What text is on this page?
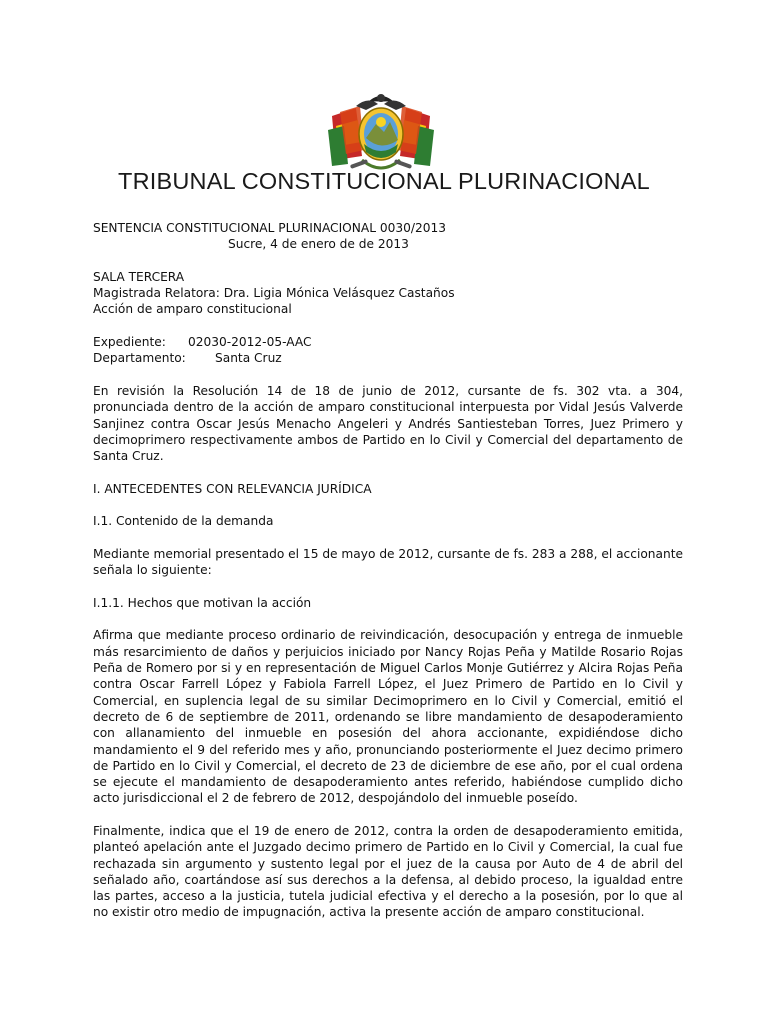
TRIBUNAL CONSTITUCIONAL PLURINACIONAL

SENTENCIA CONSTITUCIONAL PLURINACIONAL 0030/2013

Sucre, 4 de enero de de 2013

SALA TERCERA

Magistrada Relatora: Dra. Ligia Mónica Velásquez Castaños

Acción de amparo constitucional

Expediente:	02030-2012-05-AAC
Departamento:	Santa Cruz

En revisión la Resolución 14 de 18 de junio de 2012, cursante de fs. 302 vta. a 304, pronunciada dentro de la acción de amparo constitucional interpuesta por Vidal Jesús Valverde Sanjinez contra Oscar Jesús Menacho Angeleri y Andrés Santiesteban Torres, Juez Primero y decimoprimero respectivamente ambos de Partido en lo Civil y Comercial del departamento de Santa Cruz.

I. ANTECEDENTES CON RELEVANCIA JURÍDICA

I.1. Contenido de la demanda

Mediante memorial presentado el 15 de mayo de 2012, cursante de fs. 283 a 288, el accionante señala lo siguiente:

I.1.1. Hechos que motivan la acción

Afirma que mediante proceso ordinario de reivindicación, desocupación y entrega de inmueble más resarcimiento de daños y perjuicios iniciado por Nancy Rojas Peña y Matilde Rosario Rojas Peña de Romero por si y en representación de Miguel Carlos Monje Gutiérrez y Alcira Rojas Peña contra Oscar Farrell López y Fabiola Farrell López, el Juez Primero de Partido en lo Civil y Comercial, en suplencia legal de su similar Decimoprimero en lo Civil y Comercial, emitió el decreto de 6 de septiembre de 2011, ordenando se libre mandamiento de desapoderamiento con allanamiento del inmueble en posesión del ahora accionante, expidiéndose dicho mandamiento el 9 del referido mes y año, pronunciando posteriormente el Juez decimo primero de Partido en lo Civil y Comercial, el decreto de 23 de diciembre de ese año, por el cual ordena se ejecute el mandamiento de desapoderamiento antes referido, habiéndose cumplido dicho acto jurisdiccional el 2 de febrero de 2012, despojándolo del inmueble poseído.

Finalmente, indica que el 19 de enero de 2012, contra la orden de desapoderamiento emitida, planteó apelación ante el Juzgado decimo primero de Partido en lo Civil y Comercial, la cual fue rechazada sin argumento y sustento legal por el juez de la causa por Auto de 4 de abril del señalado año, coartándose así sus derechos a la defensa, al debido proceso, la igualdad entre las partes, acceso a la justicia, tutela judicial efectiva y el derecho a la posesión, por lo que al no existir otro medio de impugnación, activa la presente acción de amparo constitucional.
